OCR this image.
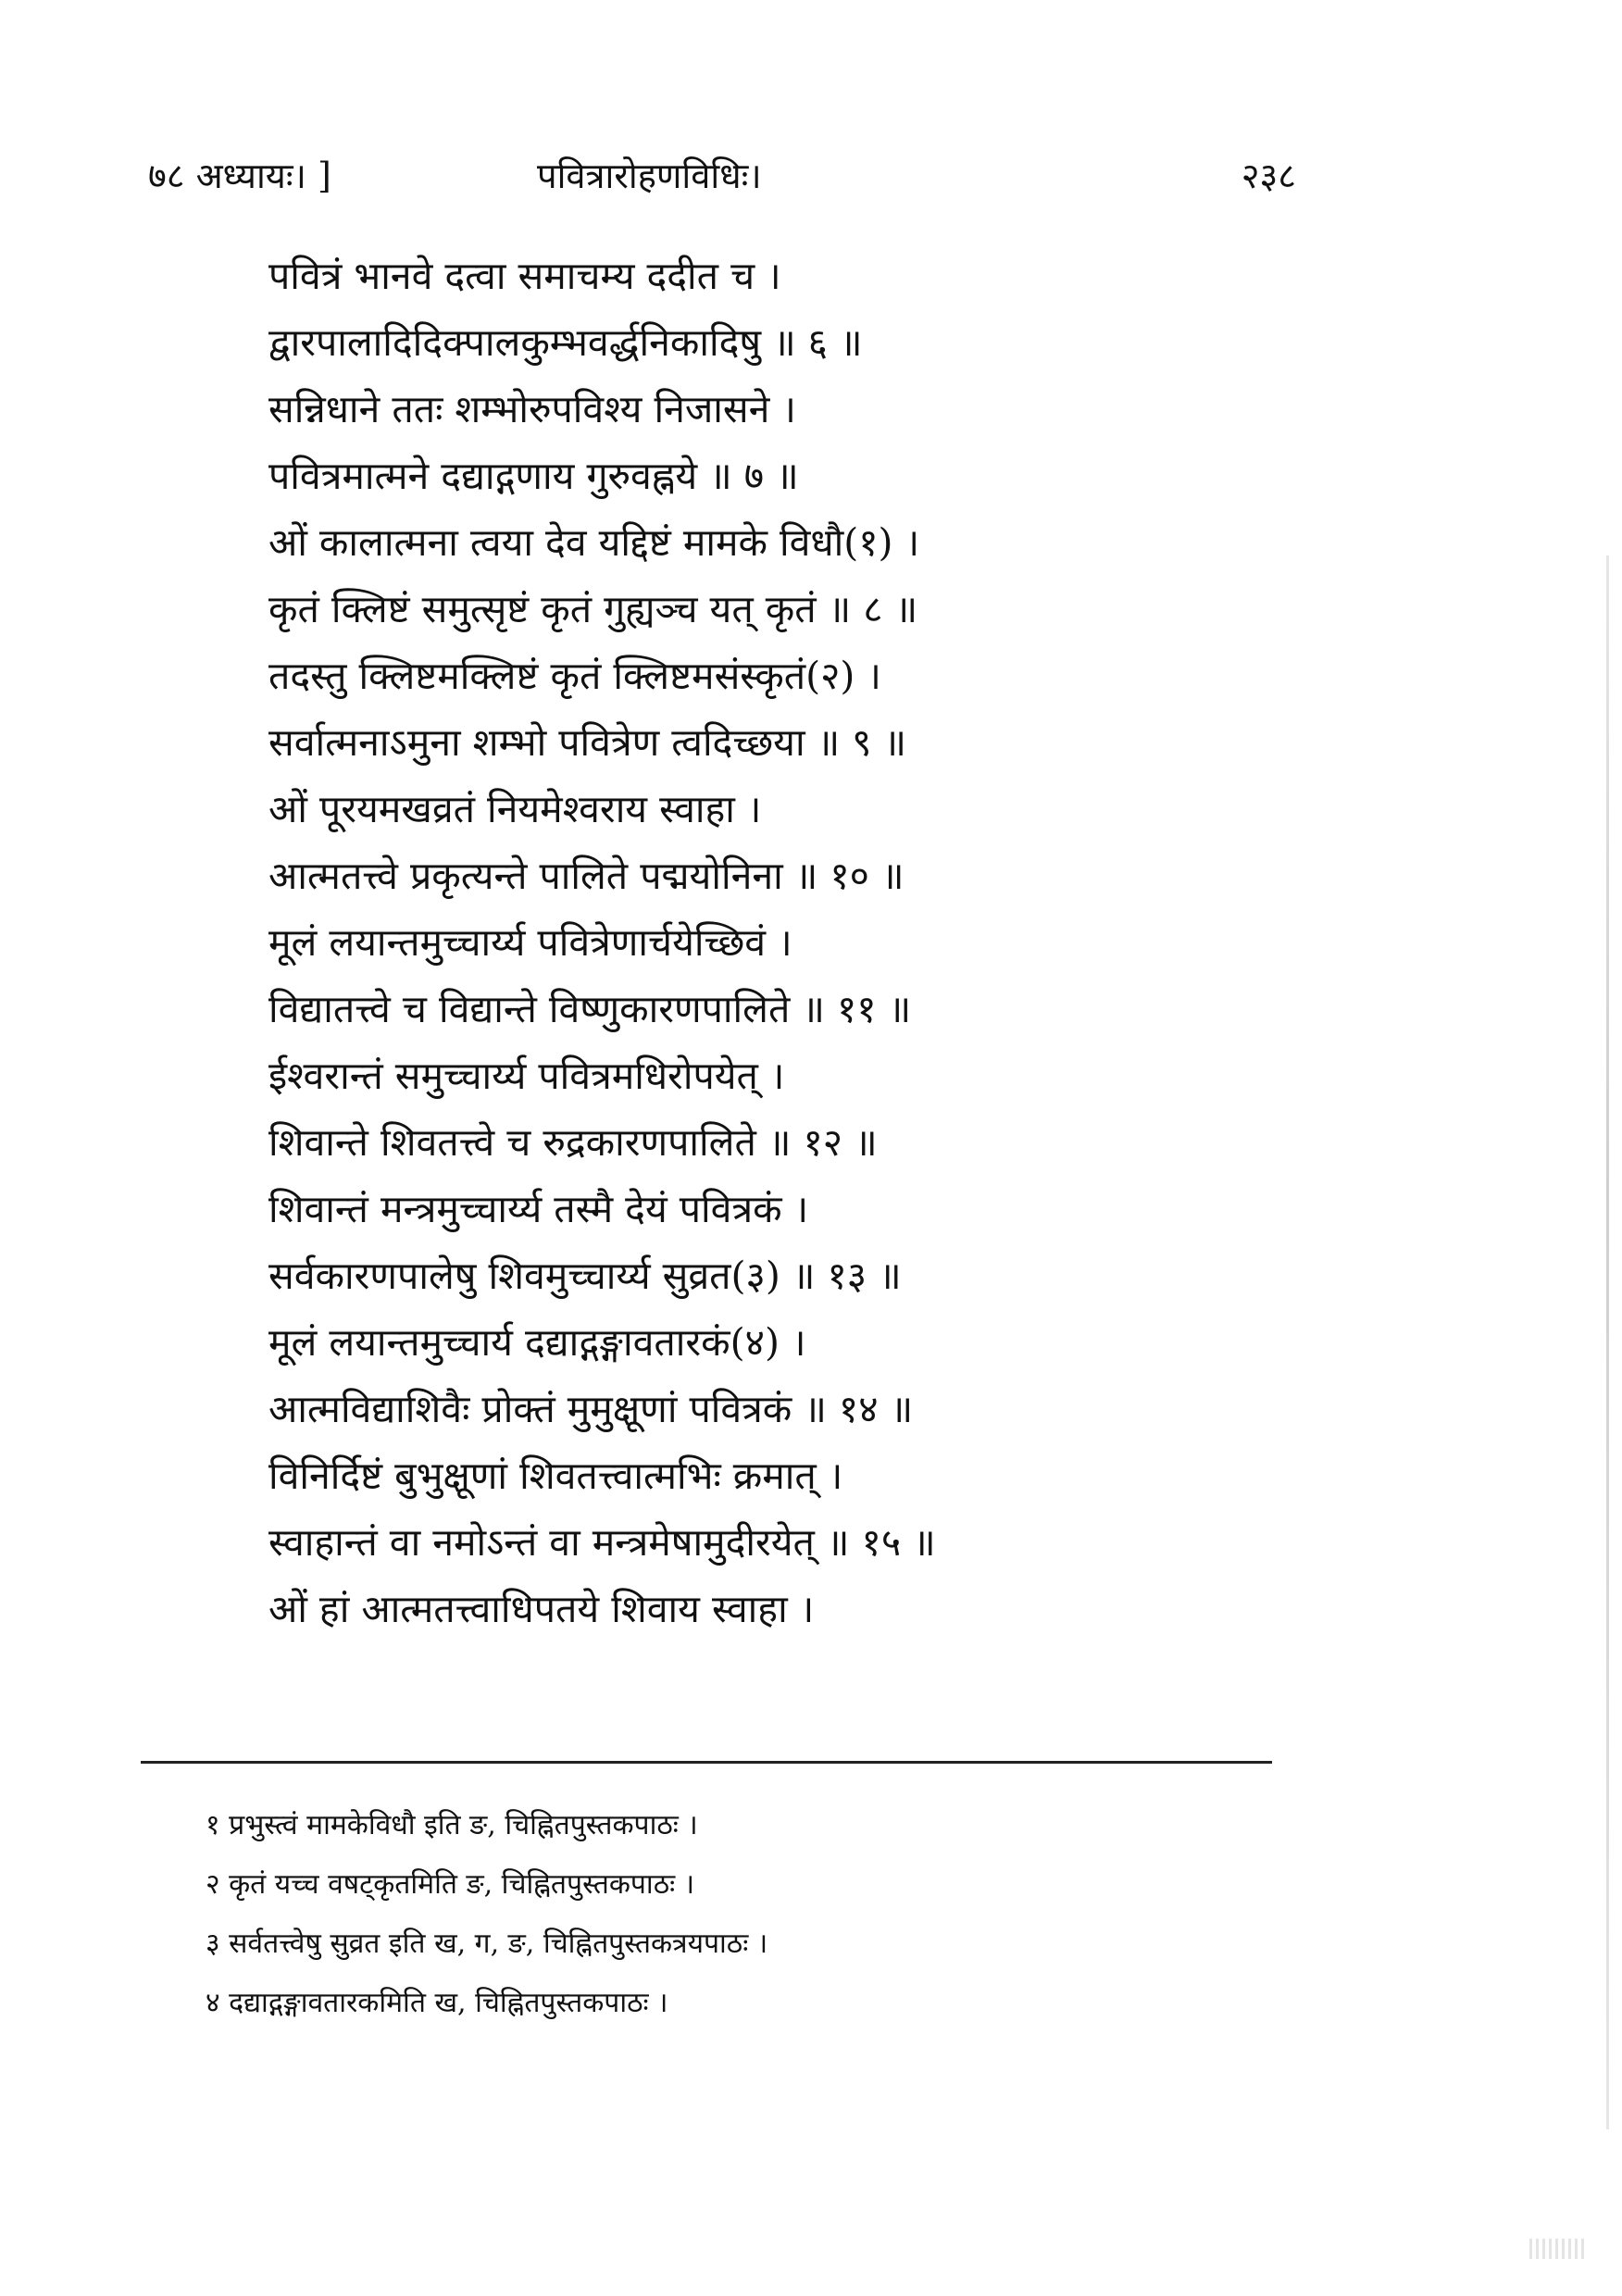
७८ अध्यायः। ]	पवित्रारोहणविधिः।	२३८
पवित्रं भानवे दत्वा समाचम्य ददीत च ।
द्वारपालादिदिक्पालकुम्भवर्द्धनिकादिषु ॥ ६ ॥
सन्निधाने ततः शम्भोरुपविश्य निजासने ।
पवित्रमात्मने दद्याद्गणाय गुरुवह्नये ॥ ७ ॥
ओं कालात्मना त्वया देव यद्दिष्टं मामके विधौ(१) ।
कृतं क्लिष्टं समुत्सृष्टं कृतं गुह्यञ्च यत् कृतं ॥ ८ ॥
तदस्तु क्लिष्टमक्लिष्टं कृतं क्लिष्टमसंस्कृतं(२) ।
सर्वात्मनाऽमुना शम्भो पवित्रेण त्वदिच्छया ॥ ९ ॥
ओं पूरयमखव्रतं नियमेश्वराय स्वाहा ।
आत्मतत्त्वे प्रकृत्यन्ते पालिते पद्मयोनिना ॥ १० ॥
मूलं लयान्तमुच्चार्य्य पवित्रेणार्चयेच्छिवं ।
विद्यातत्त्वे च विद्यान्ते विष्णुकारणपालिते ॥ ११ ॥
ईश्वरान्तं समुच्चार्य्य पवित्रमधिरोपयेत् ।
शिवान्ते शिवतत्त्वे च रुद्रकारणपालिते ॥ १२ ॥
शिवान्तं मन्त्रमुच्चार्य्य तस्मै देयं पवित्रकं ।
सर्वकारणपालेषु शिवमुच्चार्य्य सुव्रत(३) ॥ १३ ॥
मूलं लयान्तमुच्चार्य दद्याद्गङ्गावतारकं(४) ।
आत्मविद्याशिवैः प्रोक्तं मुमुक्षूणां पवित्रकं ॥ १४ ॥
विनिर्दिष्टं बुभुक्षूणां शिवतत्त्वात्मभिः क्रमात् ।
स्वाहान्तं वा नमोऽन्तं वा मन्त्रमेषामुदीरयेत् ॥ १५ ॥
ओं हां आत्मतत्त्वाधिपतये शिवाय स्वाहा ।
१ प्रभुस्त्वं मामकेविधौ इति ङ, चिह्नितपुस्तकपाठः ।
२ कृतं यच्च वषट्कृतमिति ङ, चिह्नितपुस्तकपाठः ।
३ सर्वतत्त्वेषु सुव्रत इति ख, ग, ङ, चिह्नितपुस्तकत्रयपाठः ।
४ दद्याद्गङ्गावतारकमिति ख, चिह्नितपुस्तकपाठः ।
